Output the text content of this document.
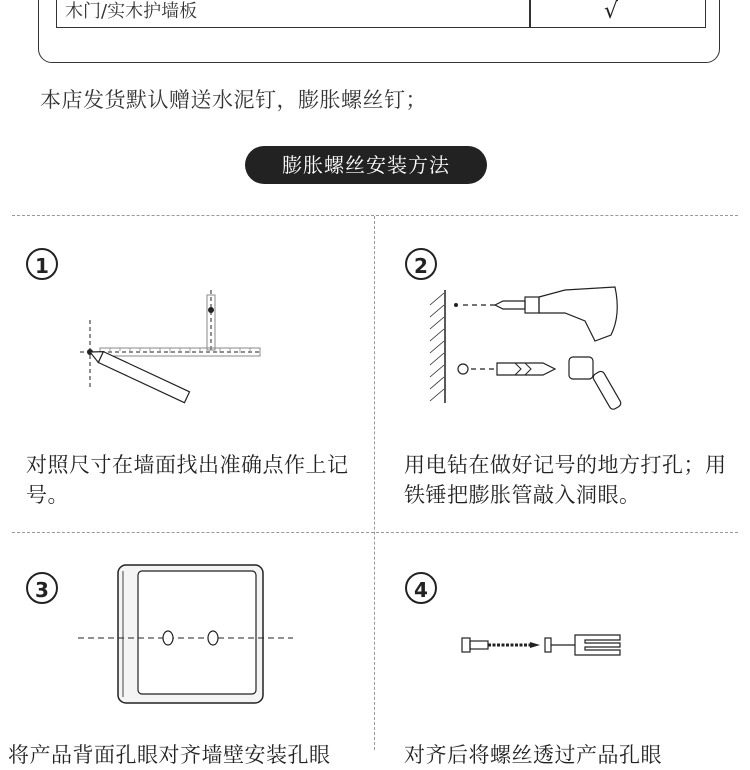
木门/实木护墙板	√
本店发货默认赠送水泥钉，膨胀螺丝钉；
膨胀螺丝安装方法
1
对照尺寸在墙面找出准确点作上记号。
2
用电钻在做好记号的地方打孔；用铁锤把膨胀管敲入洞眼。
3
将产品背面孔眼对齐墙壁安装孔眼
4
对齐后将螺丝透过产品孔眼
